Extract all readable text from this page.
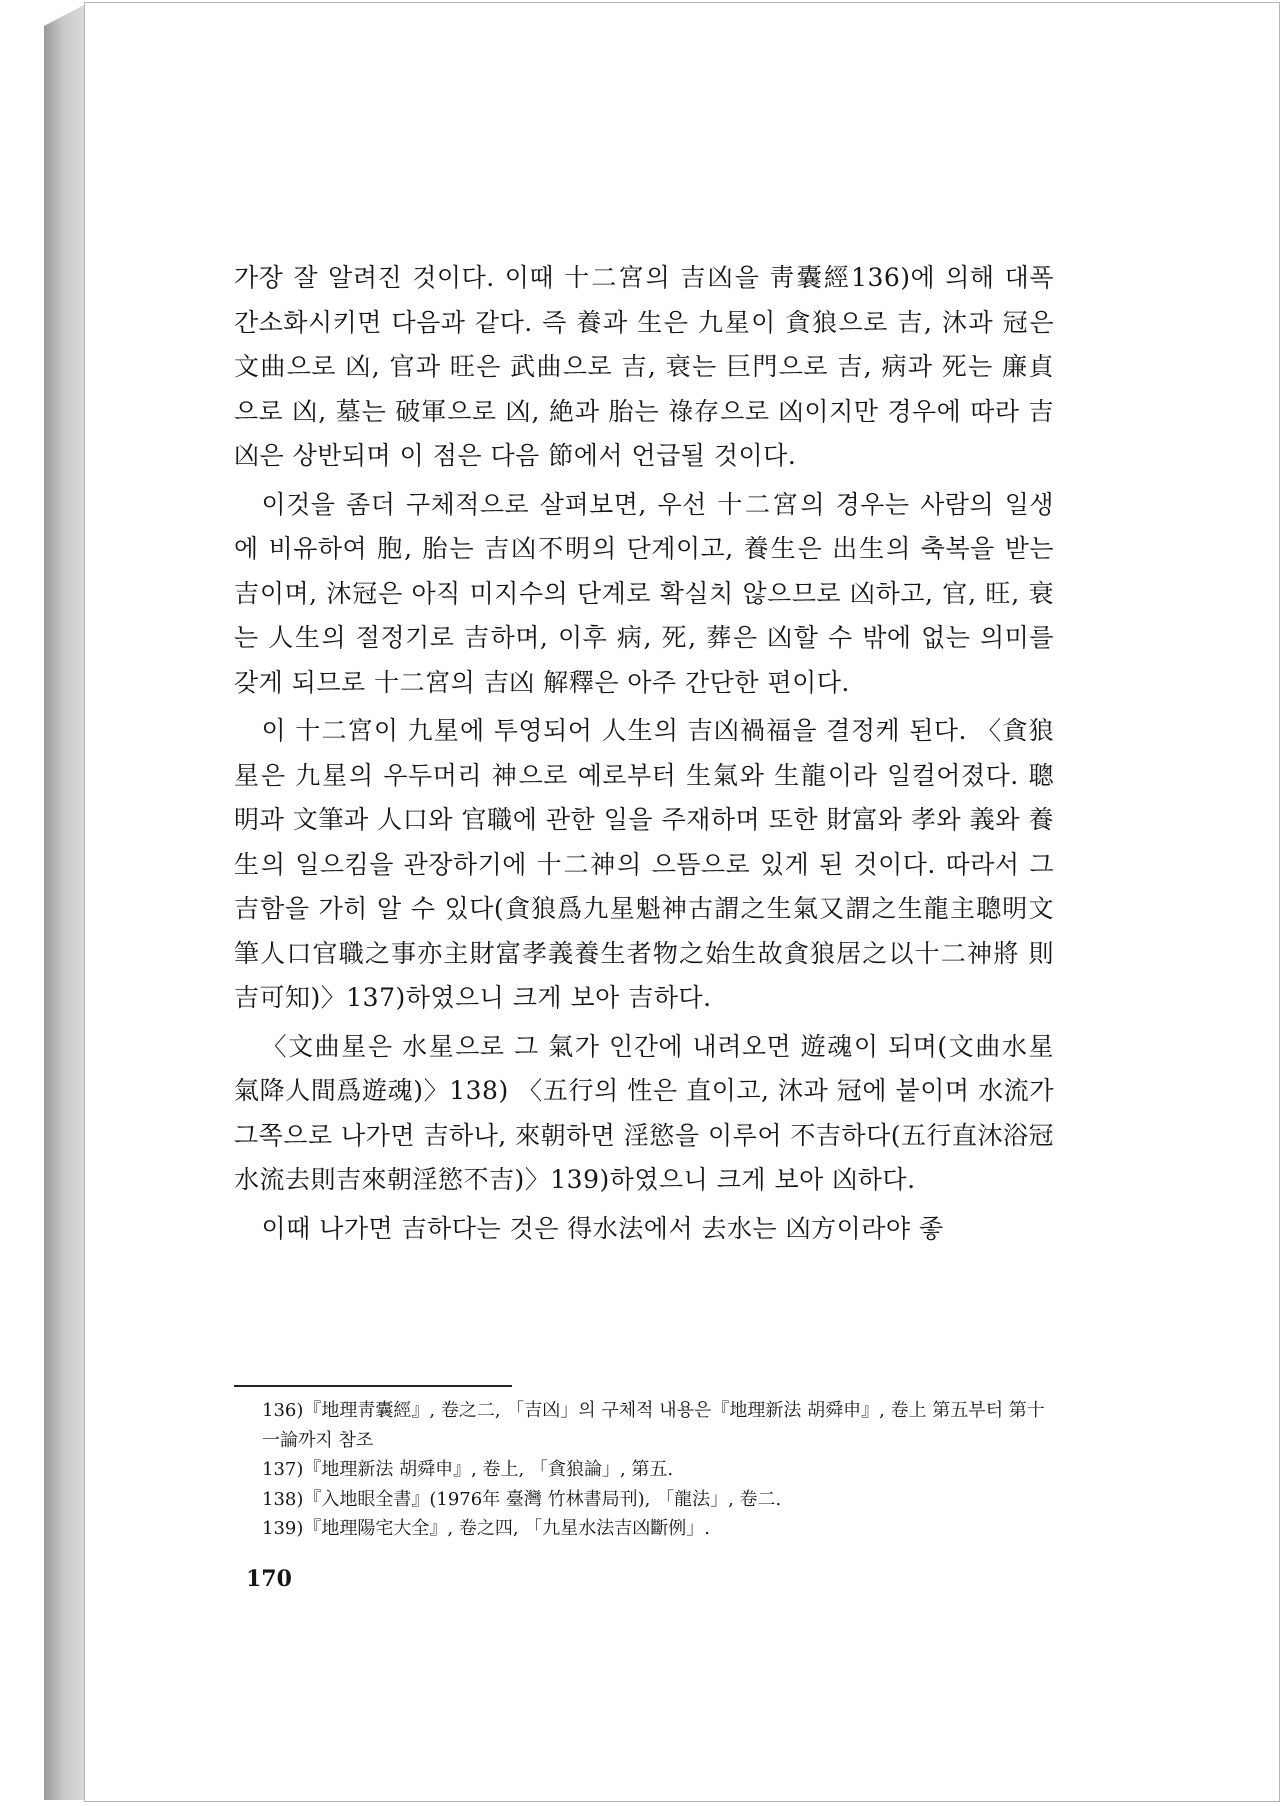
가장 잘 알려진 것이다. 이때 十二宮의 吉凶을 靑囊經136)에 의해 대폭 간소화시키면 다음과 같다. 즉 養과 生은 九星이 貪狼으로 吉, 沐과 冠은 文曲으로 凶, 官과 旺은 武曲으로 吉, 衰는 巨門으로 吉, 病과 死는 廉貞으로 凶, 墓는 破軍으로 凶, 絶과 胎는 祿存으로 凶이지만 경우에 따라 吉凶은 상반되며 이 점은 다음 節에서 언급될 것이다.

이것을 좀더 구체적으로 살펴보면, 우선 十二宮의 경우는 사람의 일생에 비유하여 胞, 胎는 吉凶不明의 단계이고, 養生은 出生의 축복을 받는 吉이며, 沐冠은 아직 미지수의 단계로 확실치 않으므로 凶하고, 官, 旺, 衰는 人生의 절정기로 吉하며, 이후 病, 死, 葬은 凶할 수 밖에 없는 의미를 갖게 되므로 十二宮의 吉凶 解釋은 아주 간단한 편이다.

이 十二宮이 九星에 투영되어 人生의 吉凶禍福을 결정케 된다. 〈貪狼星은 九星의 우두머리 神으로 예로부터 生氣와 生龍이라 일컬어졌다. 聰明과 文筆과 人口와 官職에 관한 일을 주재하며 또한 財富와 孝와 義와 養生의 일으킴을 관장하기에 十二神의 으뜸으로 있게 된 것이다. 따라서 그 吉함을 가히 알 수 있다(貪狼爲九星魁神古謂之生氣又謂之生龍主聰明文筆人口官職之事亦主財富孝義養生者物之始生故貪狼居之以十二神將 則吉可知)〉137)하였으니 크게 보아 吉하다.

〈文曲星은 水星으로 그 氣가 인간에 내려오면 遊魂이 되며(文曲水星氣降人間爲遊魂)〉138) 〈五行의 性은 直이고, 沐과 冠에 붙이며 水流가 그쪽으로 나가면 吉하나, 來朝하면 淫慾을 이루어 不吉하다(五行直沐浴冠水流去則吉來朝淫慾不吉)〉139)하였으니 크게 보아 凶하다.

이때 나가면 吉하다는 것은 得水法에서 去水는 凶方이라야 좋

136)『地理靑囊經』, 卷之二, 「吉凶」의 구체적 내용은『地理新法 胡舜申』, 卷上 第五부터 第十一論까지 참조

137)『地理新法 胡舜申』, 卷上, 「貪狼論」, 第五.

138)『入地眼全書』(1976年 臺灣 竹林書局刊), 「龍法」, 卷二.

139)『地理陽宅大全』, 卷之四, 「九星水法吉凶斷例」.

170
